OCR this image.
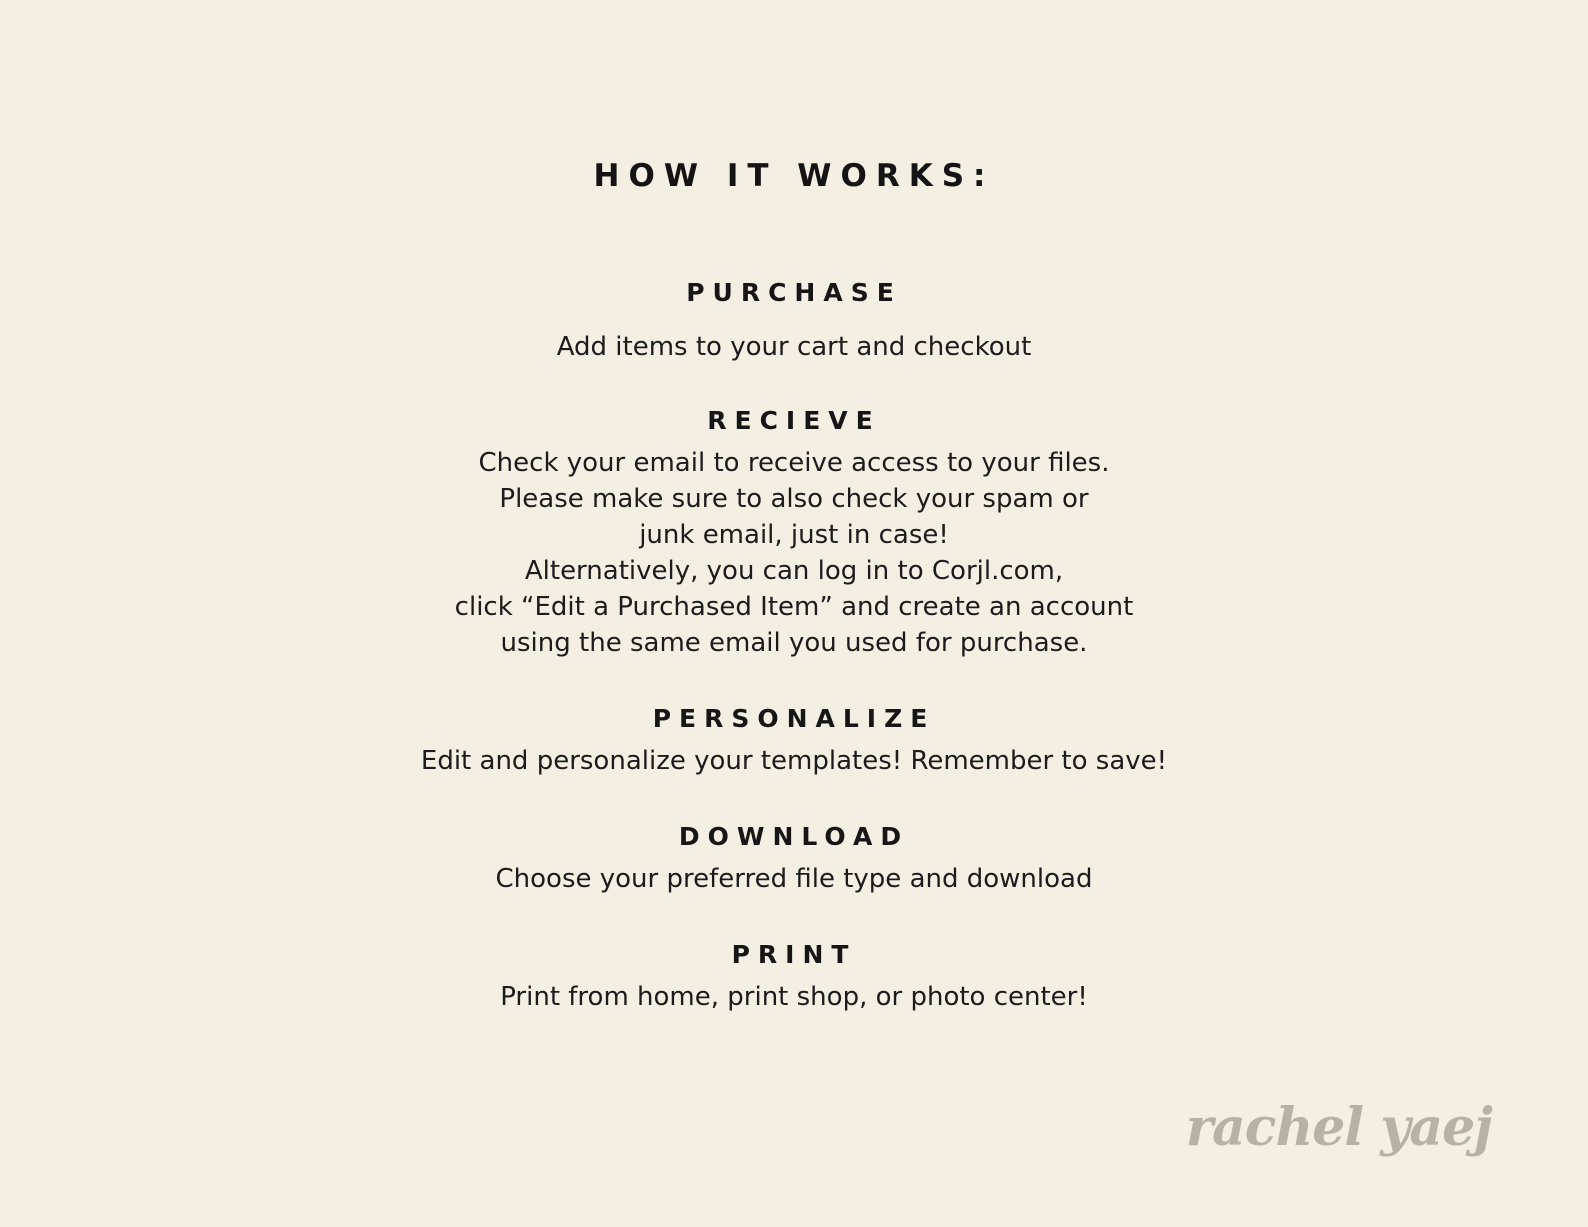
HOW IT WORKS:
PURCHASE
Add items to your cart and checkout
RECIEVE
Check your email to receive access to your files.
Please make sure to also check your spam or
junk email, just in case!
Alternatively, you can log in to Corjl.com,
click “Edit a Purchased Item” and create an account
using the same email you used for purchase.
PERSONALIZE
Edit and personalize your templates! Remember to save!
DOWNLOAD
Choose your preferred file type and download
PRINT
Print from home, print shop, or photo center!
rachel yaej
